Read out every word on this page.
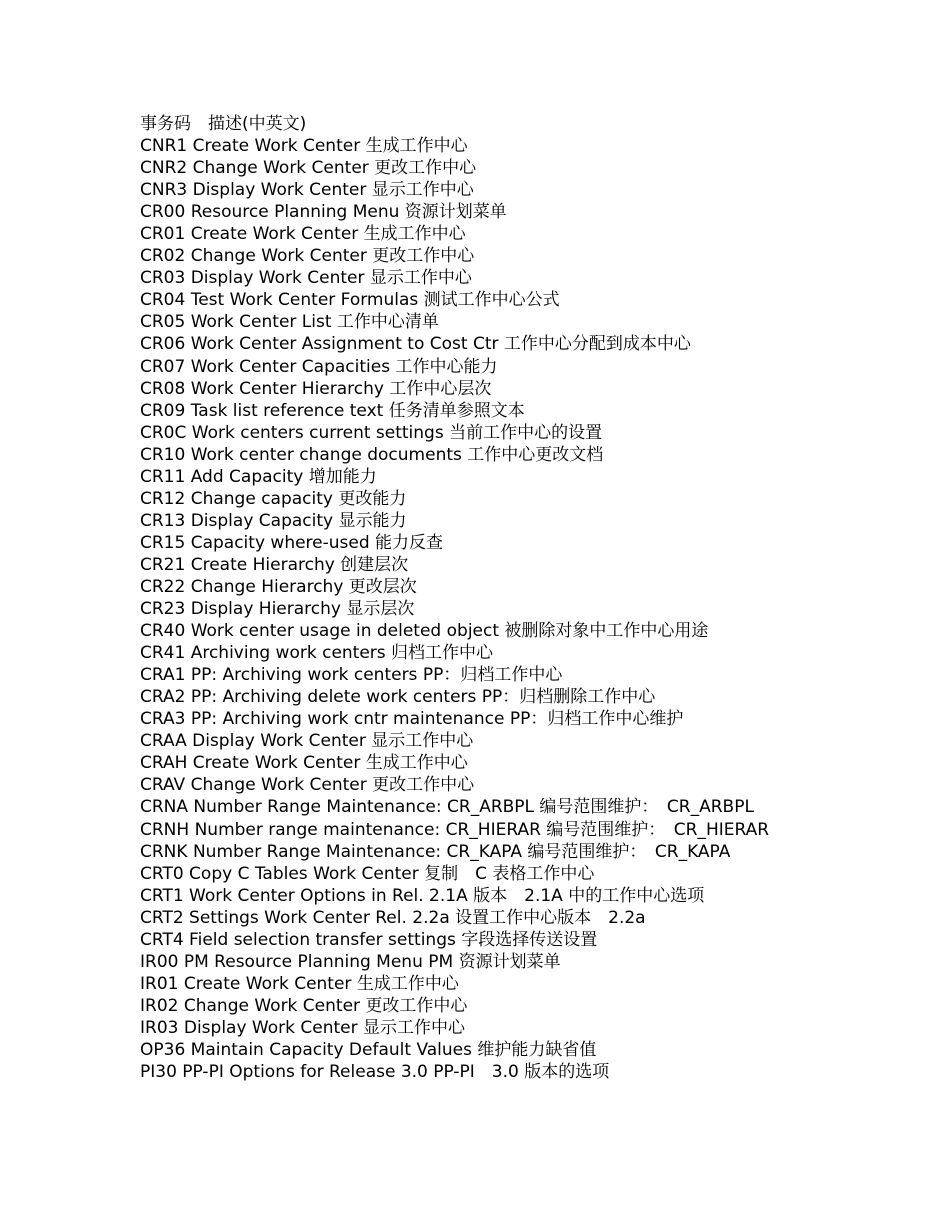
事务码　描述(中英文)
CNR1 Create Work Center 生成工作中心
CNR2 Change Work Center 更改工作中心
CNR3 Display Work Center 显示工作中心
CR00 Resource Planning Menu 资源计划菜单
CR01 Create Work Center 生成工作中心
CR02 Change Work Center 更改工作中心
CR03 Display Work Center 显示工作中心
CR04 Test Work Center Formulas 测试工作中心公式
CR05 Work Center List 工作中心清单
CR06 Work Center Assignment to Cost Ctr 工作中心分配到成本中心
CR07 Work Center Capacities 工作中心能力
CR08 Work Center Hierarchy 工作中心层次
CR09 Task list reference text 任务清单参照文本
CR0C Work centers current settings 当前工作中心的设置
CR10 Work center change documents 工作中心更改文档
CR11 Add Capacity 增加能力
CR12 Change capacity 更改能力
CR13 Display Capacity 显示能力
CR15 Capacity where-used 能力反查
CR21 Create Hierarchy 创建层次
CR22 Change Hierarchy 更改层次
CR23 Display Hierarchy 显示层次
CR40 Work center usage in deleted object 被删除对象中工作中心用途
CR41 Archiving work centers 归档工作中心
CRA1 PP: Archiving work centers PP：归档工作中心
CRA2 PP: Archiving delete work centers PP：归档删除工作中心
CRA3 PP: Archiving work cntr maintenance PP：归档工作中心维护
CRAA Display Work Center 显示工作中心
CRAH Create Work Center 生成工作中心
CRAV Change Work Center 更改工作中心
CRNA Number Range Maintenance: CR_ARBPL 编号范围维护：　CR_ARBPL
CRNH Number range maintenance: CR_HIERAR 编号范围维护：　CR_HIERAR
CRNK Number Range Maintenance: CR_KAPA 编号范围维护：　CR_KAPA
CRT0 Copy C Tables Work Center 复制　C 表格工作中心
CRT1 Work Center Options in Rel. 2.1A 版本　2.1A 中的工作中心选项
CRT2 Settings Work Center Rel. 2.2a 设置工作中心版本　2.2a
CRT4 Field selection transfer settings 字段选择传送设置
IR00 PM Resource Planning Menu PM 资源计划菜单
IR01 Create Work Center 生成工作中心
IR02 Change Work Center 更改工作中心
IR03 Display Work Center 显示工作中心
OP36 Maintain Capacity Default Values 维护能力缺省值
PI30 PP-PI Options for Release 3.0 PP-PI　3.0 版本的选项
